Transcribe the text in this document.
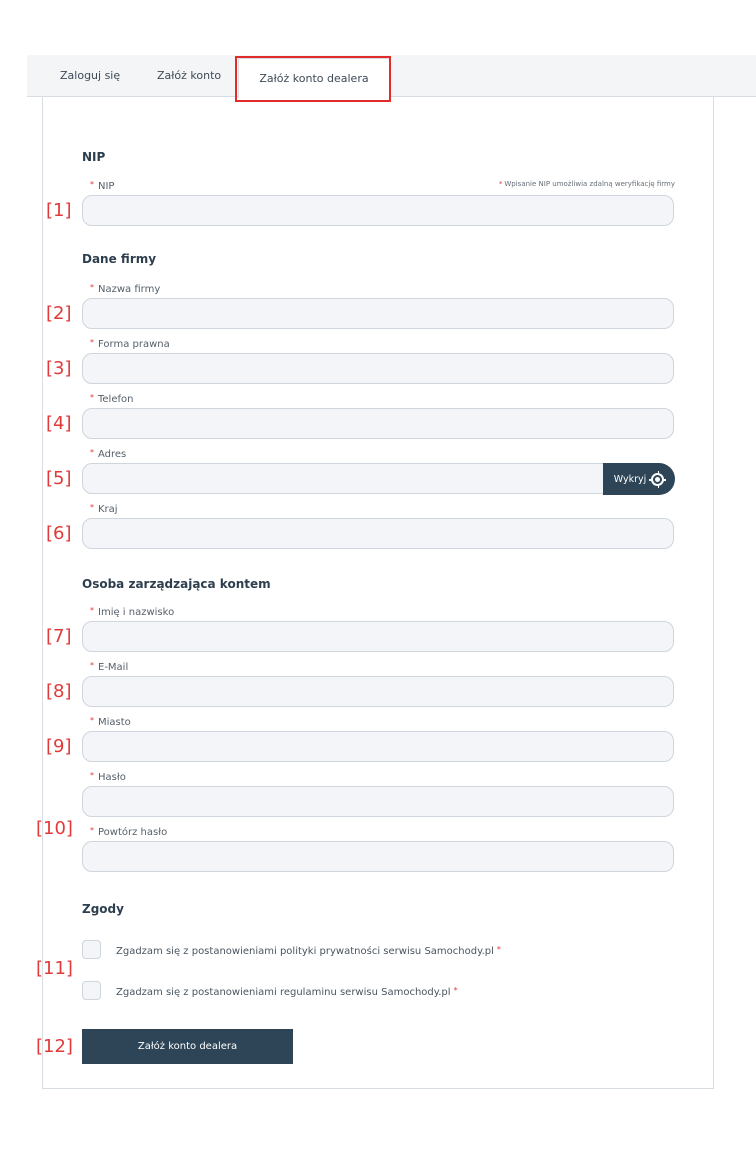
Zaloguj się	Załóż konto	Załóż konto dealera
NIP
* NIP	* Wpisanie NIP umożliwia zdalną weryfikację firmy
Dane firmy
* Nazwa firmy
* Forma prawna
* Telefon
* Adres
Wykryj
* Kraj
Osoba zarządzająca kontem
* Imię i nazwisko
* E-Mail
* Miasto
* Hasło
* Powtórz hasło
Zgody
Zgadzam się z postanowieniami polityki prywatności serwisu Samochody.pl *
Zgadzam się z postanowieniami regulaminu serwisu Samochody.pl *
Załóż konto dealera
[1]
[2]
[3]
[4]
[5]
[6]
[7]
[8]
[9]
[10]
[11]
[12]
